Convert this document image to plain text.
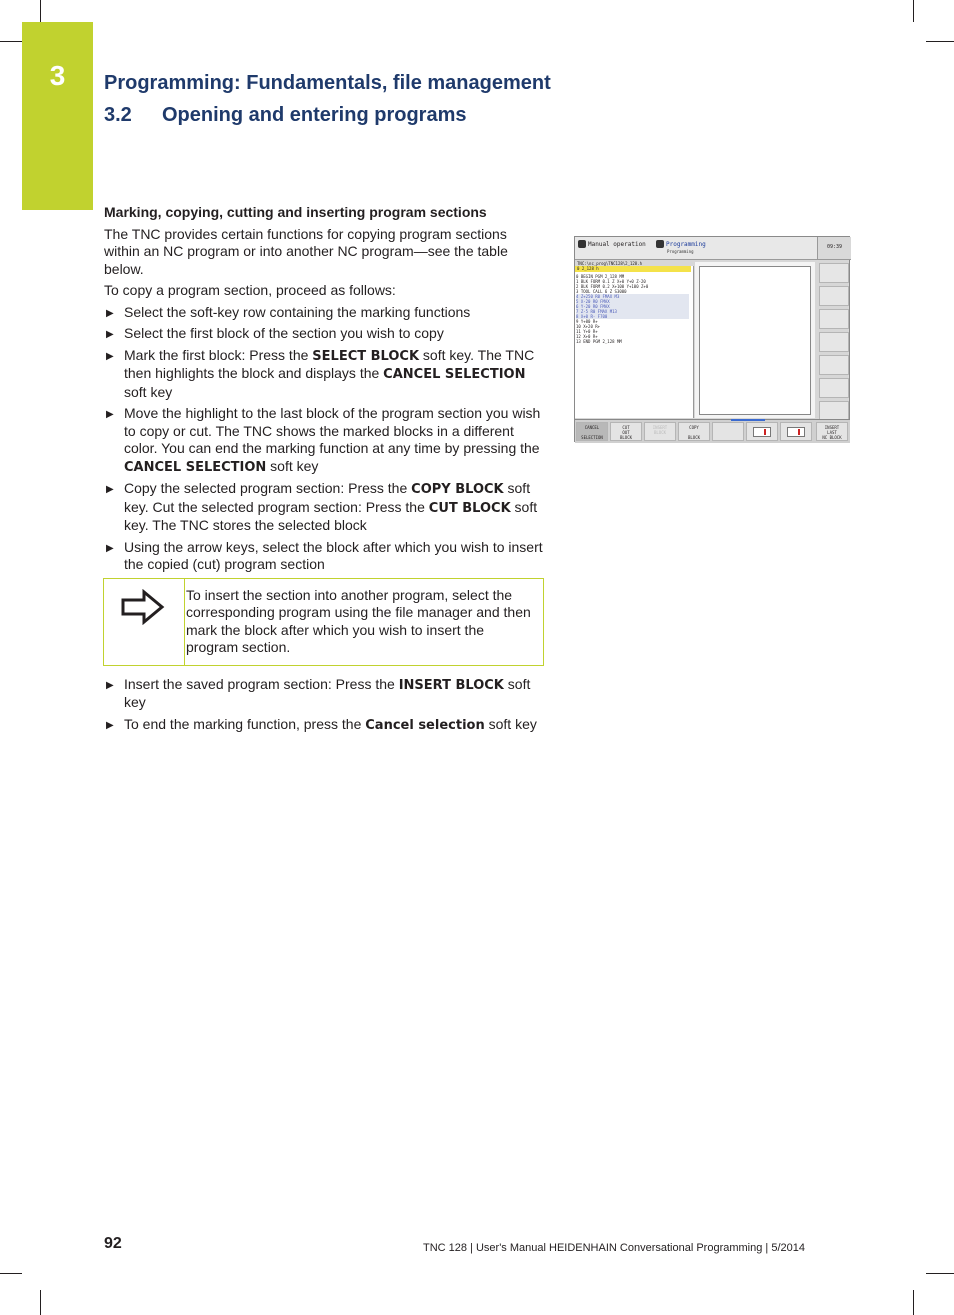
3	Programming: Fundamentals, file management
3.2 Opening and entering programs
Marking, copying, cutting and inserting program sections

The TNC provides certain functions for copying program sections within an NC program or into another NC program—see the table below.

To copy a program section, proceed as follows:

▶ Select the soft-key row containing the marking functions
▶ Select the first block of the section you wish to copy
▶ Mark the first block: Press the SELECT BLOCK soft key. The TNC then highlights the block and displays the CANCEL SELECTION soft key
▶ Move the highlight to the last block of the program section you wish to copy or cut. The TNC shows the marked blocks in a different color. You can end the marking function at any time by pressing the CANCEL SELECTION soft key
▶ Copy the selected program section: Press the COPY BLOCK soft key. Cut the selected program section: Press the CUT BLOCK soft key. The TNC stores the selected block
▶ Using the arrow keys, select the block after which you wish to insert the copied (cut) program section
To insert the section into another program, select the corresponding program using the file manager and then mark the block after which you wish to insert the program section.
▶ Insert the saved program section: Press the INSERT BLOCK soft key
▶ To end the marking function, press the Cancel selection soft key
Manual operation	Programming
Programming
09:39
TNC:\nc_prog\TNC128\2_128.h
0 2_128 h
0 BEGIN PGM 2_128 MM
1 BLK FORM 0.1 Z X+0 Y+0 Z-20
2 BLK FORM 0.2 X+100 Y+100 Z+0
3 TOOL CALL 6 Z S3000
4 Z+250 R0 FMAX M3
5 X-20 R0 FMAX
6 Y-20 R0 FMAX
7 Z-5 R0 FMAX M13
8 X+0 R- F700
9 Y+80 R+
10 X+20 R+
11 Y+0 R+
12 X+0 R+
13 END PGM 2_128 MM
CANCEL

SELECTION
CUT
OUT
BLOCK
INSERT
BLOCK
COPY

BLOCK
INSERT
LAST
NC BLOCK
92	TNC 128 | User's Manual HEIDENHAIN Conversational Programming | 5/2014
